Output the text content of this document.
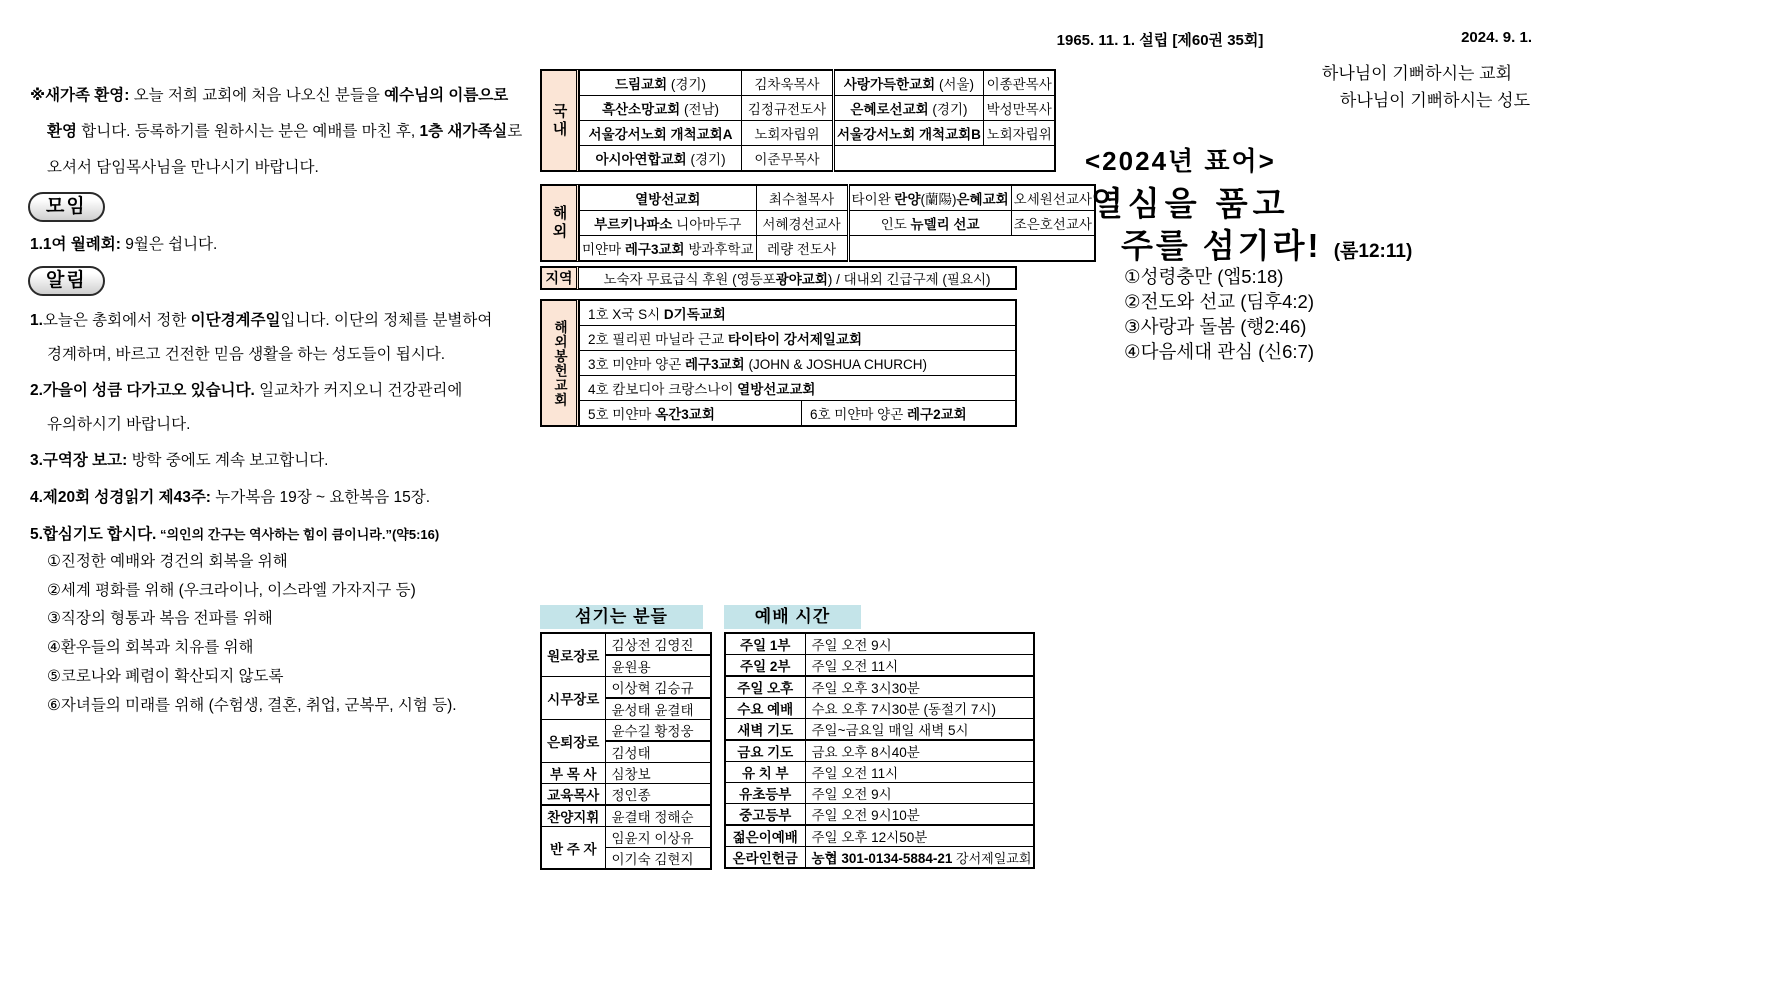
※새가족 환영: 오늘 저희 교회에 처음 나오신 분들을 예수님의 이름으로 환영 합니다. 등록하기를 원하시는 분은 예배를 마친 후, 1층 새가족실로 오셔서 담임목사님을 만나시기 바랍니다.
모임
1.1여 월례회: 9월은 쉽니다.
알림
1.오늘은 총회에서 정한 이단경계주일입니다. 이단의 정체를 분별하여 경계하며, 바르고 건전한 믿음 생활을 하는 성도들이 됩시다.
2.가을이 성큼 다가고오 있습니다. 일교차가 커지오니 건강관리에 유의하시기 바랍니다.
3.구역장 보고: 방학 중에도 계속 보고합니다.
4.제20회 성경읽기 제43주: 누가복음 19장 ~ 요한복음 15장.
5.합심기도 합시다. “의인의 간구는 역사하는 힘이 큼이니라.”(약5:16)
①진정한 예배와 경건의 회복을 위해
②세계 평화를 위해 (우크라이나, 이스라엘 가자지구 등)
③직장의 형통과 복음 전파를 위해
④환우들의 회복과 치유를 위해
⑤코로나와 폐렴이 확산되지 않도록
⑥자녀들의 미래를 위해 (수험생, 결혼, 취업, 군복무, 시험 등).
국내
드림교회 (경기)	김차욱목사	사랑가득한교회 (서울)	이종관목사
흑산소망교회 (전남)	김정규전도사	은혜로선교회 (경기)	박성만목사
서울강서노회 개척교회A	노회자립위	서울강서노회 개척교회B	노회자립위
아시아연합교회 (경기)	이준무목사		
해외
열방선교회	최수철목사	타이완 란양(蘭陽)은혜교회	오세원선교사
부르키나파소 니아마두구	서혜경선교사	인도 뉴델리 선교	조은호선교사
미얀마 레구3교회 방과후학교	레량 전도사		
지역	노숙자 무료급식 후원 (영등포 광야교회 ) / 대내외 긴급구제 (필요시)
해외봉헌교회
1호 X국 S시 D기독교회
2호 필리핀 마닐라 근교 타이타이 강서제일교회
3호 미얀마 양곤 레구3교회 (JOHN & JOSHUA CHURCH)
4호 캄보디아 크랑스나이 열방선교교회
5호 미얀마 옥간3교회	6호 미얀마 양곤 레구2교회
섬기는 분들
원로장로	김상전 김영진
	윤원용
시무장로	이상혁 김승규
	윤성태 윤결태
은퇴장로	윤수길 황정웅
	김성태
부 목 사	심창보
교육목사	정인종
찬양지휘	윤결태 정해순
반 주 자	임윤지 이상유
	이기숙 김현지
예배 시간
주일 1부	주일 오전 9시
주일 2부	주일 오전 11시
주일 오후	주일 오후 3시30분
수요 예배	수요 오후 7시30분 (동절기 7시)
새벽 기도	주일~금요일 매일 새벽 5시
금요 기도	금요 오후 8시40분
유 치 부	주일 오전 11시
유초등부	주일 오전 9시
중고등부	주일 오전 9시10분
젊은이예배	주일 오후 12시50분
온라인헌금	농협 301-0134-5884-21 강서제일교회
1965. 11. 1. 설립 [제60권 35회]	2024. 9. 1.
하나님이 기뻐하시는 교회
하나님이 기뻐하시는 성도
<2024년 표어>
열심을 품고
주를 섬기라! (롬12:11)
①성령충만 (엡5:18)
②전도와 선교 (딤후4:2)
③사랑과 돌봄 (행2:46)
④다음세대 관심 (신6:7)
